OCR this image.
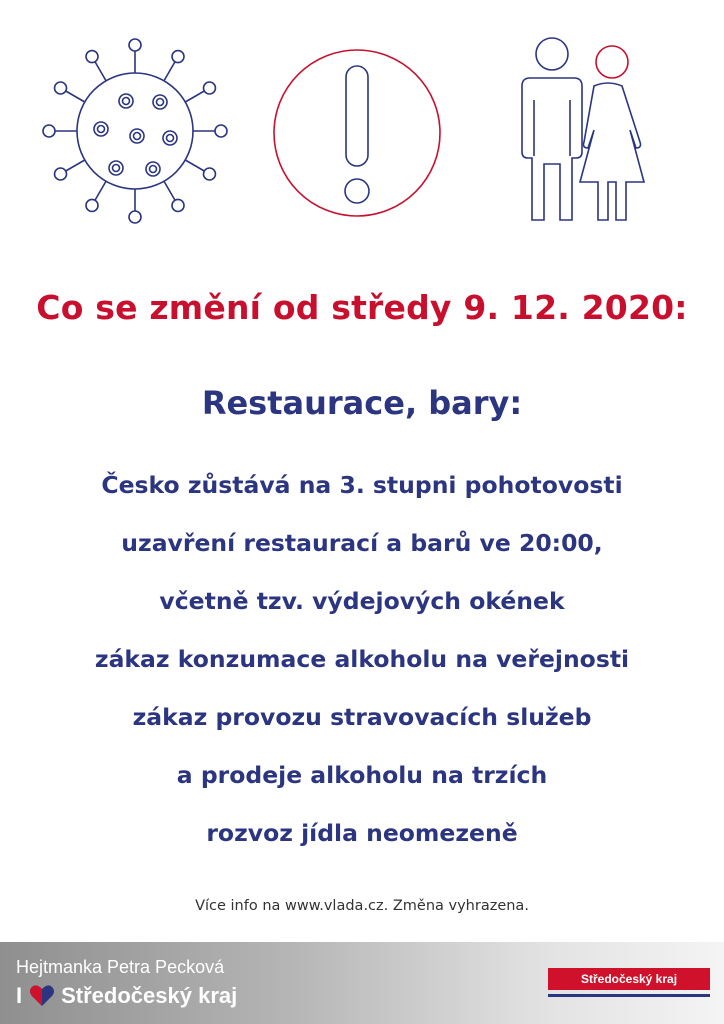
Co se změní od středy 9. 12. 2020:
Restaurace, bary:
Česko zůstává na 3. stupni pohotovosti
uzavření restaurací a barů ve 20:00,
včetně tzv. výdejových okének
zákaz konzumace alkoholu na veřejnosti
zákaz provozu stravovacích služeb
a prodeje alkoholu na trzích
rozvoz jídla neomezeně
Více info na www.vlada.cz. Změna vyhrazena.
Hejtmanka Petra Pecková
I Středočeský kraj
Středočeský kraj
